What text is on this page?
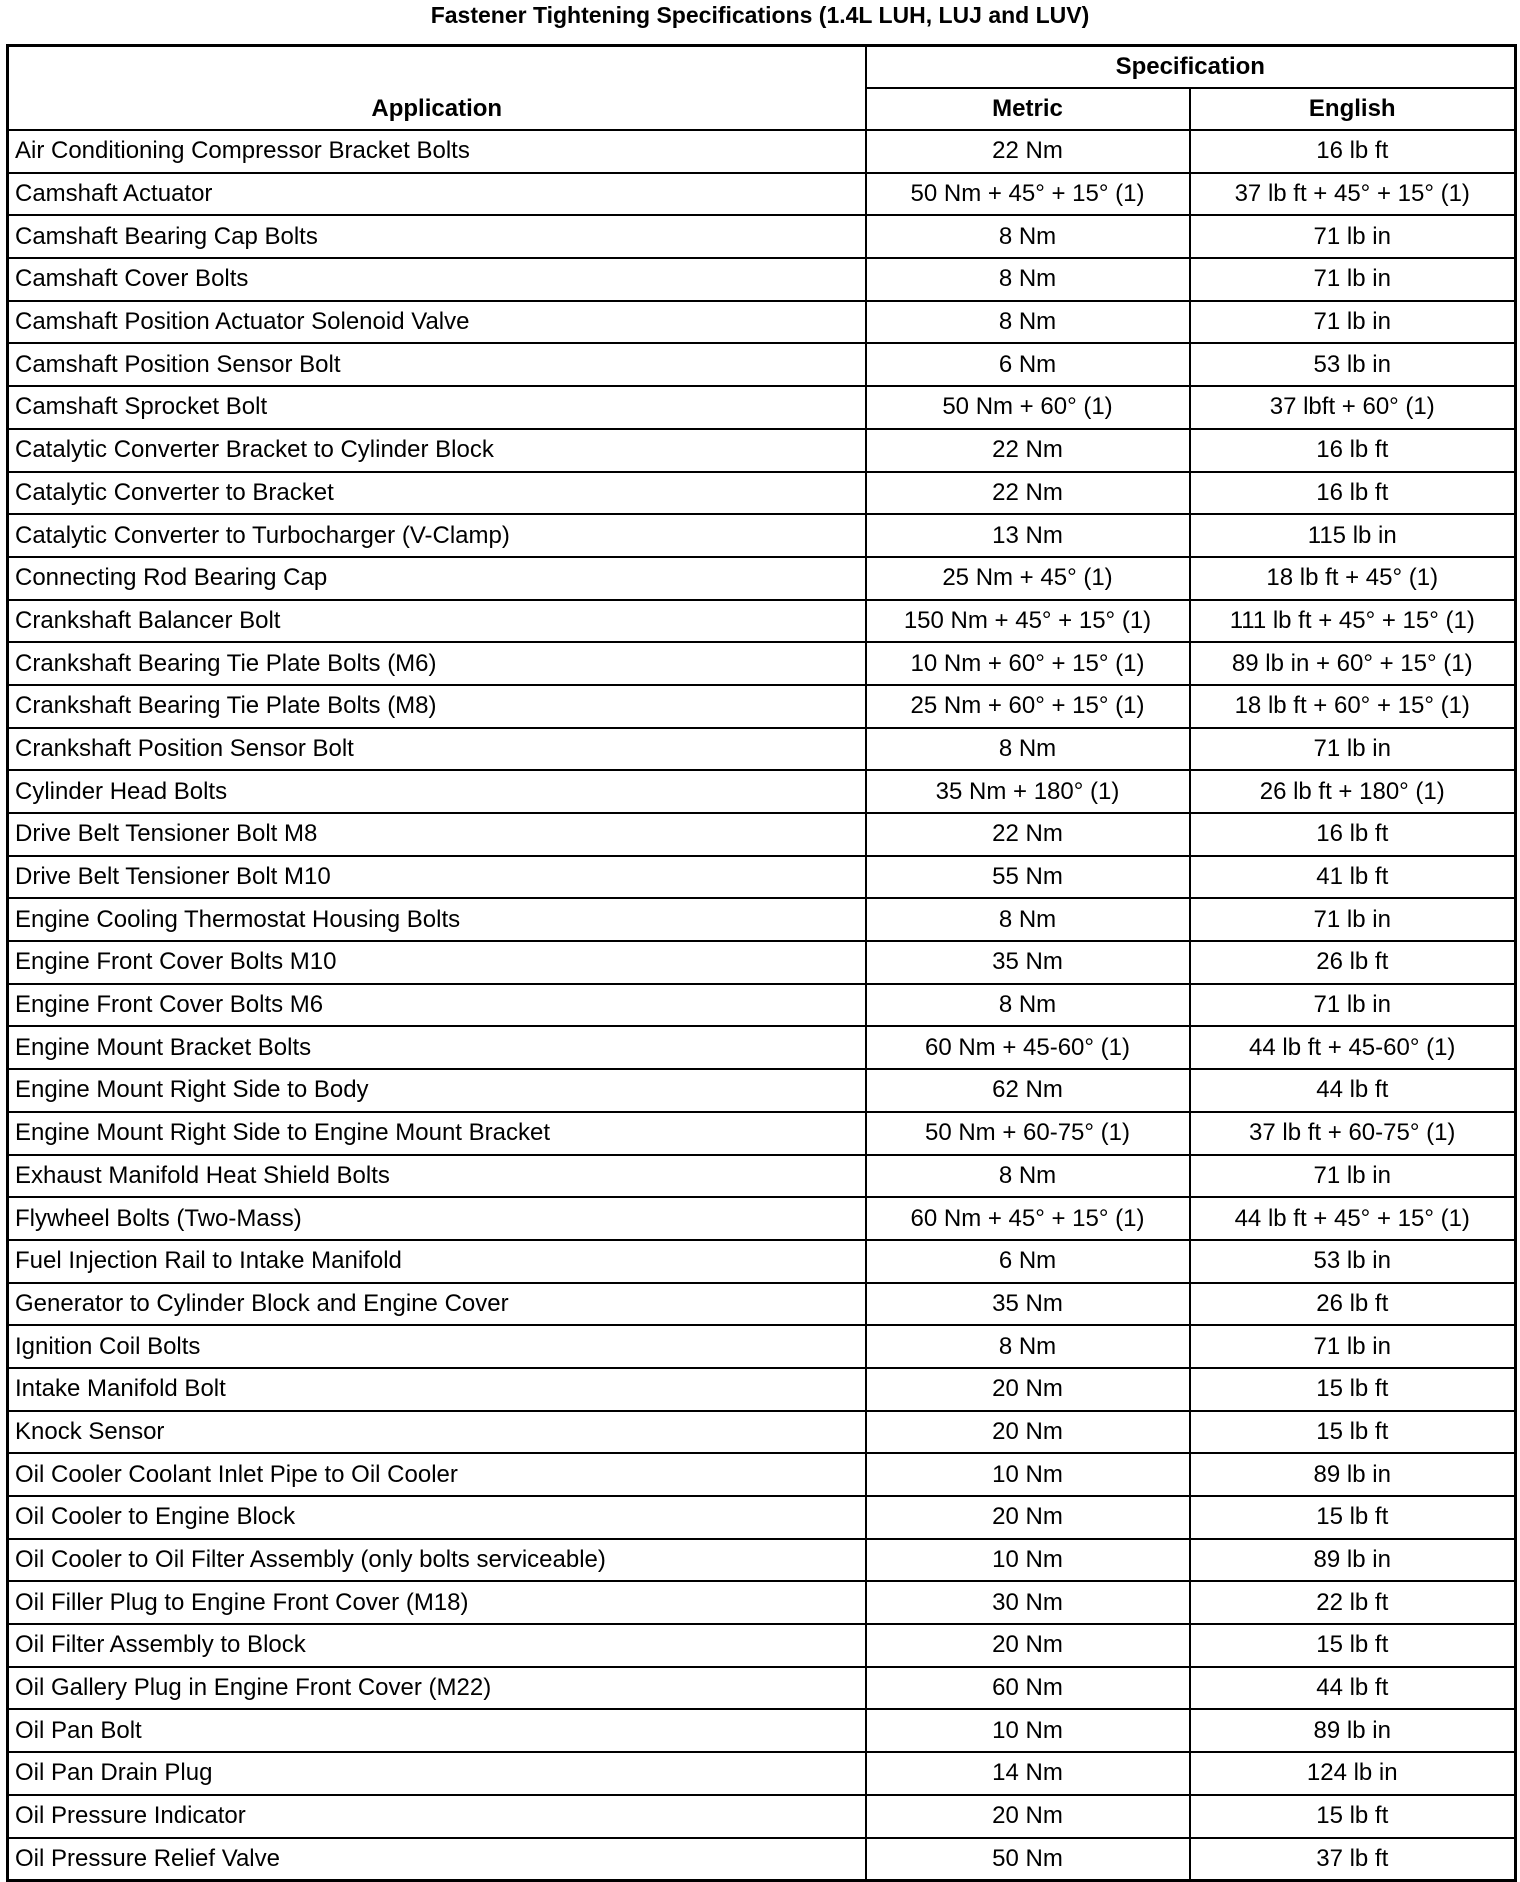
Fastener Tightening Specifications (1.4L LUH, LUJ and LUV)
Application	Specification	
	Metric	English
Air Conditioning Compressor Bracket Bolts	22 Nm	16 lb ft
Camshaft Actuator	50 Nm + 45° + 15° (1)	37 lb ft + 45° + 15° (1)
Camshaft Bearing Cap Bolts	8 Nm	71 lb in
Camshaft Cover Bolts	8 Nm	71 lb in
Camshaft Position Actuator Solenoid Valve	8 Nm	71 lb in
Camshaft Position Sensor Bolt	6 Nm	53 lb in
Camshaft Sprocket Bolt	50 Nm + 60° (1)	37 lbft + 60° (1)
Catalytic Converter Bracket to Cylinder Block	22 Nm	16 lb ft
Catalytic Converter to Bracket	22 Nm	16 lb ft
Catalytic Converter to Turbocharger (V-Clamp)	13 Nm	115 lb in
Connecting Rod Bearing Cap	25 Nm + 45° (1)	18 lb ft + 45° (1)
Crankshaft Balancer Bolt	150 Nm + 45° + 15° (1)	111 lb ft + 45° + 15° (1)
Crankshaft Bearing Tie Plate Bolts (M6)	10 Nm + 60° + 15° (1)	89 lb in + 60° + 15° (1)
Crankshaft Bearing Tie Plate Bolts (M8)	25 Nm + 60° + 15° (1)	18 lb ft + 60° + 15° (1)
Crankshaft Position Sensor Bolt	8 Nm	71 lb in
Cylinder Head Bolts	35 Nm + 180° (1)	26 lb ft + 180° (1)
Drive Belt Tensioner Bolt M8	22 Nm	16 lb ft
Drive Belt Tensioner Bolt M10	55 Nm	41 lb ft
Engine Cooling Thermostat Housing Bolts	8 Nm	71 lb in
Engine Front Cover Bolts M10	35 Nm	26 lb ft
Engine Front Cover Bolts M6	8 Nm	71 lb in
Engine Mount Bracket Bolts	60 Nm + 45-60° (1)	44 lb ft + 45-60° (1)
Engine Mount Right Side to Body	62 Nm	44 lb ft
Engine Mount Right Side to Engine Mount Bracket	50 Nm + 60-75° (1)	37 lb ft + 60-75° (1)
Exhaust Manifold Heat Shield Bolts	8 Nm	71 lb in
Flywheel Bolts (Two-Mass)	60 Nm + 45° + 15° (1)	44 lb ft + 45° + 15° (1)
Fuel Injection Rail to Intake Manifold	6 Nm	53 lb in
Generator to Cylinder Block and Engine Cover	35 Nm	26 lb ft
Ignition Coil Bolts	8 Nm	71 lb in
Intake Manifold Bolt	20 Nm	15 lb ft
Knock Sensor	20 Nm	15 lb ft
Oil Cooler Coolant Inlet Pipe to Oil Cooler	10 Nm	89 lb in
Oil Cooler to Engine Block	20 Nm	15 lb ft
Oil Cooler to Oil Filter Assembly (only bolts serviceable)	10 Nm	89 lb in
Oil Filler Plug to Engine Front Cover (M18)	30 Nm	22 lb ft
Oil Filter Assembly to Block	20 Nm	15 lb ft
Oil Gallery Plug in Engine Front Cover (M22)	60 Nm	44 lb ft
Oil Pan Bolt	10 Nm	89 lb in
Oil Pan Drain Plug	14 Nm	124 lb in
Oil Pressure Indicator	20 Nm	15 lb ft
Oil Pressure Relief Valve	50 Nm	37 lb ft
